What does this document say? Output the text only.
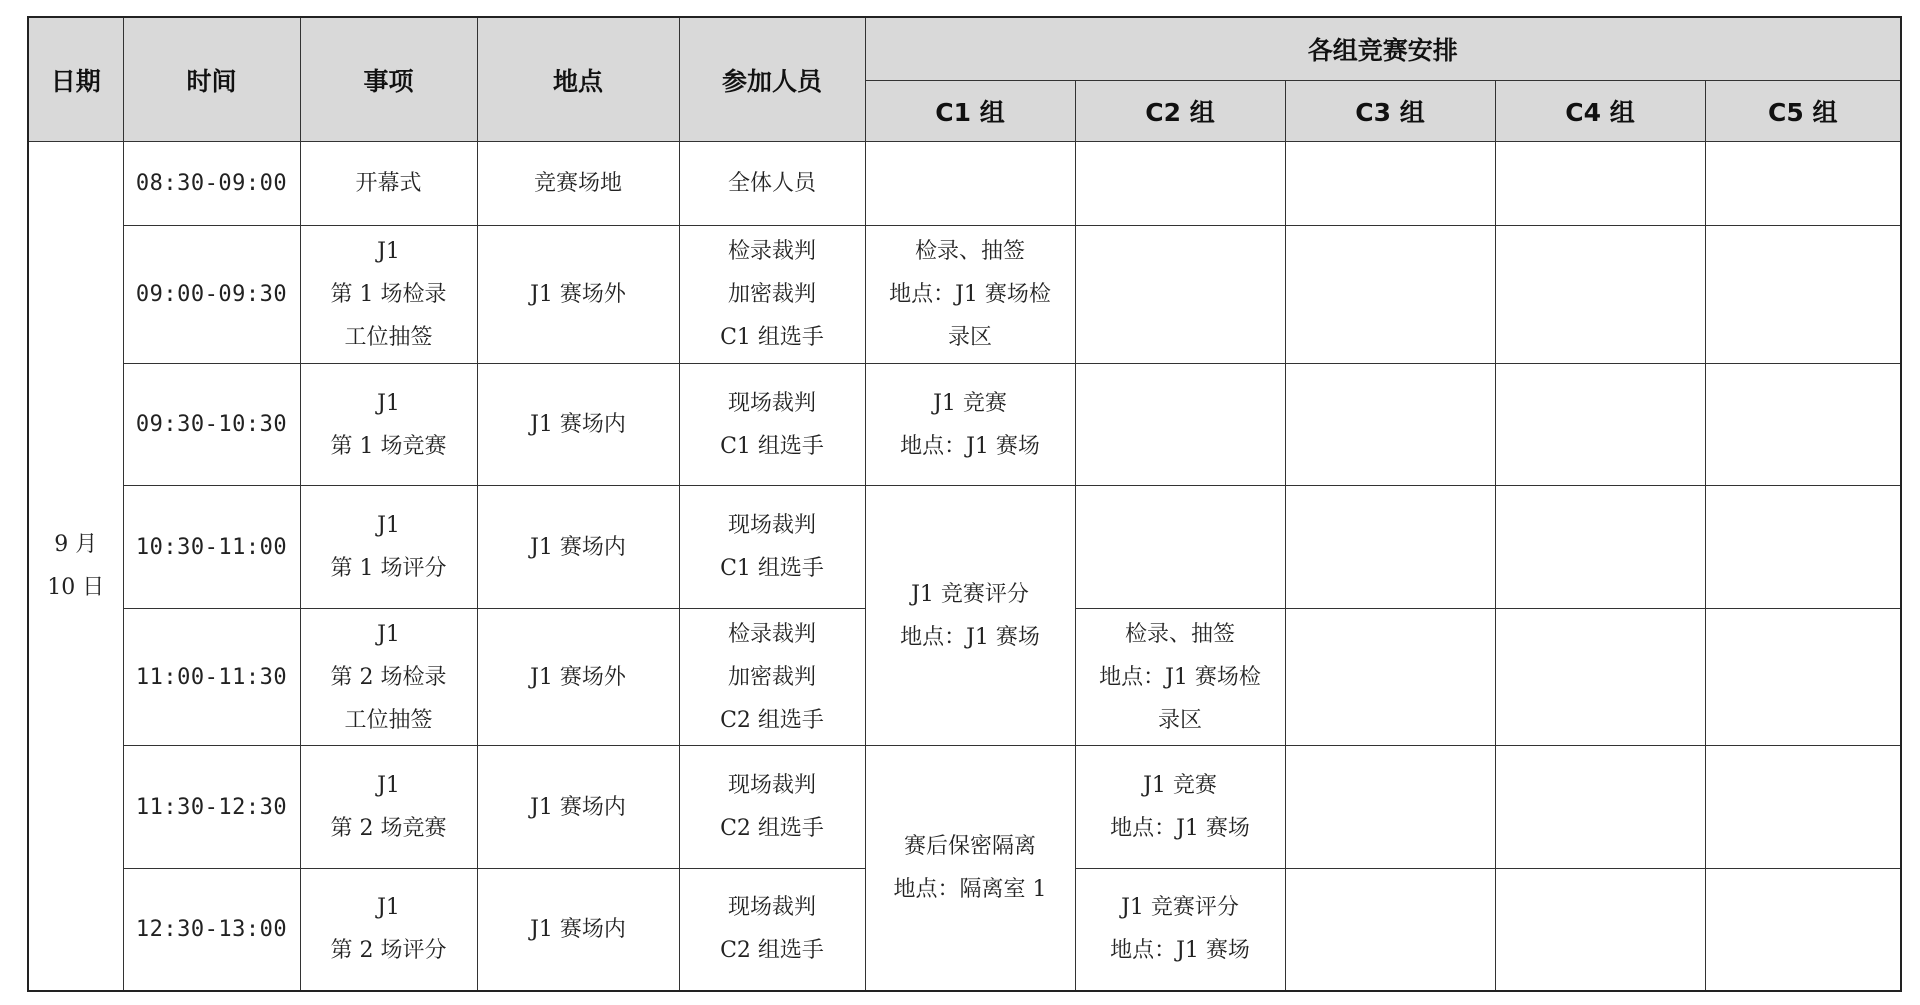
日期	时间	事项	地点	参加人员	各组竞赛安排				
					C1 组	C2 组	C3 组	C4 组	C5 组

9 月
10 日	08:30-09:00	开幕式	竞赛场地	全体人员					

	09:00-09:30	J1
第 1 场检录
工位抽签	J1 赛场外	检录裁判
加密裁判
C1 组选手	检录、抽签
地点：J1 赛场检
录区				

	09:30-10:30	J1
第 1 场竞赛	J1 赛场内	现场裁判
C1 组选手	J1 竞赛
地点：J1 赛场				

	10:30-11:00	J1
第 1 场评分	J1 赛场内	现场裁判
C1 组选手	J1 竞赛评分
地点：J1 赛场				

	11:00-11:30	J1
第 2 场检录
工位抽签	J1 赛场外	检录裁判
加密裁判
C2 组选手		检录、抽签
地点：J1 赛场检
录区			

	11:30-12:30	J1
第 2 场竞赛	J1 赛场内	现场裁判
C2 组选手	赛后保密隔离
地点：隔离室 1	J1 竞赛
地点：J1 赛场			

	12:30-13:00	J1
第 2 场评分	J1 赛场内	现场裁判
C2 组选手		J1 竞赛评分
地点：J1 赛场			
